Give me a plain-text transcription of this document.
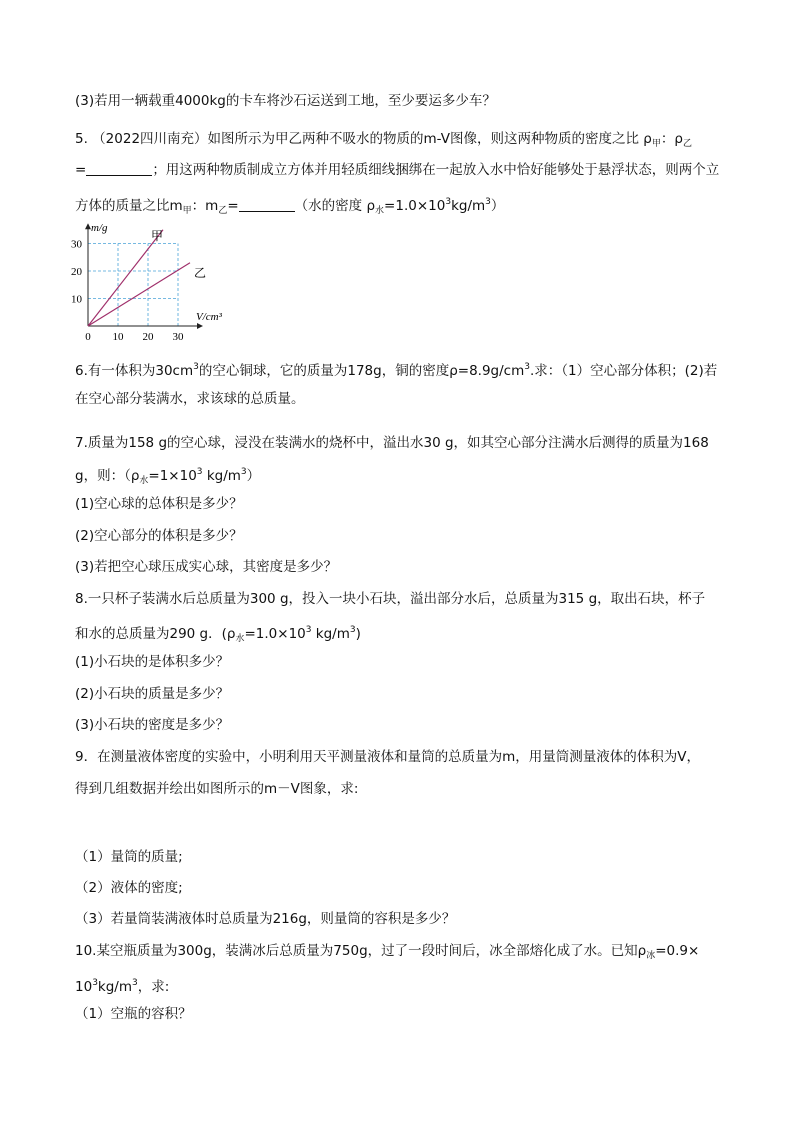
(3)若用一辆载重4000kg的卡车将沙石运送到工地，至少要运多少车？
5. （2022四川南充）如图所示为甲乙两种不吸水的物质的m-V图像，则这两种物质的密度之比 $\rho_甲$：$\rho_乙$
=	；用这两种物质制成立方体并用轻质细线捆绑在一起放入水中恰好能够处于悬浮状态，则两个立
方体的质量之比$m_甲$：$m_乙=$	（水的密度 $\rho_水=1.0\times 10^3kg/m^3$）
0 10 20 30
10
20
30
甲
乙
V/cm³
m/g
6.有一体积为$30cm^3$的空心铜球，它的质量为178g，铜的密度$\rho=8.9g/cm^3$.求：（1）空心部分体积；(2)若
在空心部分装满水，求该球的总质量。
7.质量为158 g的空心球，浸没在装满水的烧杯中，溢出水30 g，如其空心部分注满水后测得的质量为168
g，则：（$\rho_水=1\times 10^3$ $kg/m^3$）
(1)空心球的总体积是多少？
(2)空心部分的体积是多少？
(3)若把空心球压成实心球，其密度是多少？
8.一只杯子装满水后总质量为300 g，投入一块小石块，溢出部分水后，总质量为315 g，取出石块，杯子
和水的总质量为290 g．($\rho_水=1.0\times 10^3$ $kg/m^3$)
(1)小石块的是体积多少？
(2)小石块的质量是多少？
(3)小石块的密度是多少？
9．在测量液体密度的实验中，小明利用天平测量液体和量筒的总质量为m，用量筒测量液体的体积为V，
得到几组数据并绘出如图所示的m－V图象，求:
（1）量筒的质量;
（2）液体的密度;
（3）若量筒装满液体时总质量为216g，则量筒的容积是多少？
10.某空瓶质量为300g，装满冰后总质量为750g，过了一段时间后，冰全部熔化成了水。已知$\rho_冰=0.9\times$
$10^3kg/m^3$，求:
（1）空瓶的容积？
